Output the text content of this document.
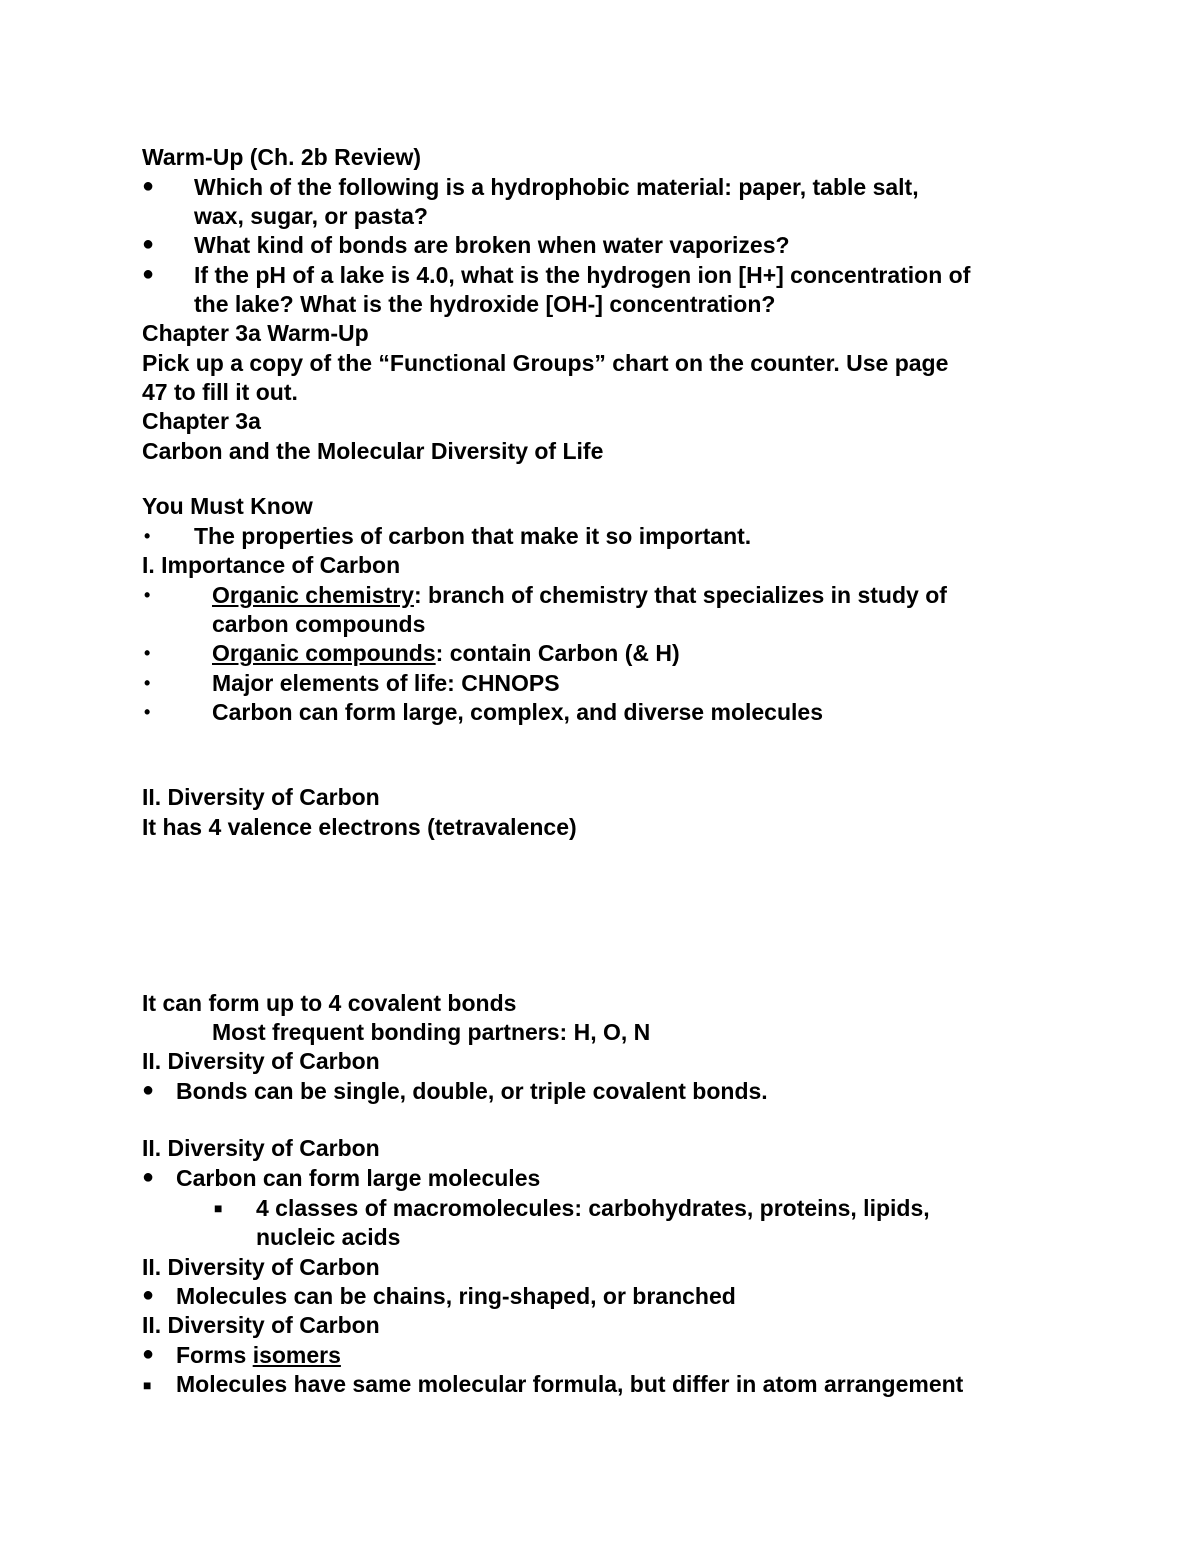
Warm-Up (Ch. 2b Review)
● Which of the following is a hydrophobic material: paper, table salt,
wax, sugar, or pasta?
● What kind of bonds are broken when water vaporizes?
● If the pH of a lake is 4.0, what is the hydrogen ion [H+] concentration of
the lake? What is the hydroxide [OH-] concentration?
Chapter 3a Warm-Up
Pick up a copy of the “Functional Groups” chart on the counter. Use page
47 to fill it out.
Chapter 3a
Carbon and the Molecular Diversity of Life
You Must Know
• The properties of carbon that make it so important.
I. Importance of Carbon
•	Organic chemistry: branch of chemistry that specializes in study of
carbon compounds
•	Organic compounds: contain Carbon (& H)
•	Major elements of life: CHNOPS
•	Carbon can form large, complex, and diverse molecules
II. Diversity of Carbon
It has 4 valence electrons (tetravalence)
It can form up to 4 covalent bonds
Most frequent bonding partners: H, O, N
II. Diversity of Carbon
● Bonds can be single, double, or triple covalent bonds.
II. Diversity of Carbon
● Carbon can form large molecules
■ 4 classes of macromolecules: carbohydrates, proteins, lipids,
nucleic acids
II. Diversity of Carbon
● Molecules can be chains, ring-shaped, or branched
II. Diversity of Carbon
● Forms isomers
■ Molecules have same molecular formula, but differ in atom arrangement
